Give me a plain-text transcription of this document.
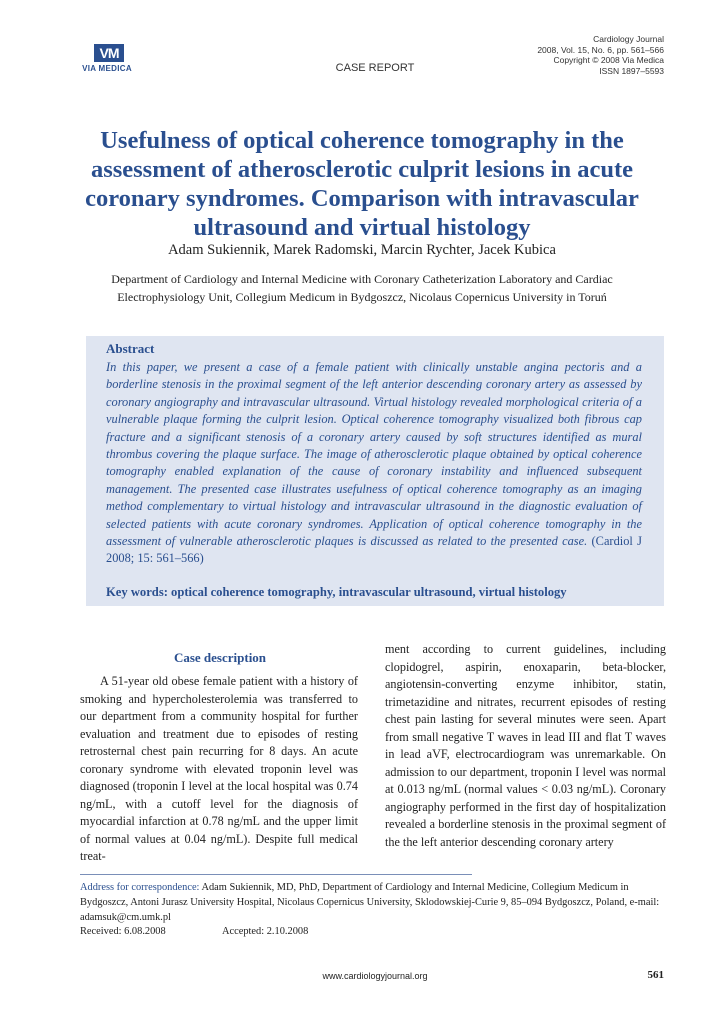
VM
VIA MEDICA	CASE REPORT
Cardiology Journal
2008, Vol. 15, No. 6, pp. 561–566
Copyright © 2008 Via Medica
ISSN 1897–5593
Usefulness of optical coherence tomography in the assessment of atherosclerotic culprit lesions in acute coronary syndromes. Comparison with intravascular ultrasound and virtual histology
Adam Sukiennik, Marek Radomski, Marcin Rychter, Jacek Kubica
Department of Cardiology and Internal Medicine with Coronary Catheterization Laboratory and Cardiac Electrophysiology Unit, Collegium Medicum in Bydgoszcz, Nicolaus Copernicus University in Toruń
Abstract
In this paper, we present a case of a female patient with clinically unstable angina pectoris and a borderline stenosis in the proximal segment of the left anterior descending coronary artery as assessed by coronary angiography and intravascular ultrasound. Virtual histology revealed morphological criteria of a vulnerable plaque forming the culprit lesion. Optical coherence tomography visualized both fibrous cap fracture and a significant stenosis of a coronary artery caused by soft structures identified as mural thrombus covering the plaque surface. The image of atherosclerotic plaque obtained by optical coherence tomography enabled explanation of the cause of coronary instability and influenced subsequent management. The presented case illustrates usefulness of optical coherence tomography as an imaging method complementary to virtual histology and intravascular ultrasound in the diagnostic evaluation of selected patients with acute coronary syndromes. Application of optical coherence tomography in the assessment of vulnerable atherosclerotic plaques is discussed as related to the presented case. (Cardiol J 2008; 15: 561–566)
Key words: optical coherence tomography, intravascular ultrasound, virtual histology
Case description

A 51-year old obese female patient with a history of smoking and hypercholesterolemia was transferred to our department from a community hospital for further evaluation and treatment due to episodes of resting retrosternal chest pain recurring for 8 days. An acute coronary syndrome with elevated troponin level was diagnosed (troponin I level at the local hospital was 0.74 ng/mL, with a cutoff level for the diagnosis of myocardial infarction at 0.78 ng/mL and the upper limit of normal values at 0.04 ng/mL). Despite full medical treat-

ment according to current guidelines, including clopidogrel, aspirin, enoxaparin, beta-blocker, angiotensin-converting enzyme inhibitor, statin, trimetazidine and nitrates, recurrent episodes of resting chest pain lasting for several minutes were seen. Apart from small negative T waves in lead III and flat T waves in lead aVF, electrocardiogram was unremarkable. On admission to our department, troponin I level was normal at 0.013 ng/mL (normal values < 0.03 ng/mL). Coronary angiography performed in the first day of hospitalization revealed a borderline stenosis in the proximal segment of the the left anterior descending coronary artery

Address for correspondence: Adam Sukiennik, MD, PhD, Department of Cardiology and Internal Medicine, Collegium Medicum in Bydgoszcz, Antoni Jurasz University Hospital, Nicolaus Copernicus University, Sklodowskiej-Curie 9, 85–094 Bydgoszcz, Poland, e-mail: adamsuk@cm.umk.pl
Received: 6.08.2008	Accepted: 2.10.2008
www.cardiologyjournal.org	561
